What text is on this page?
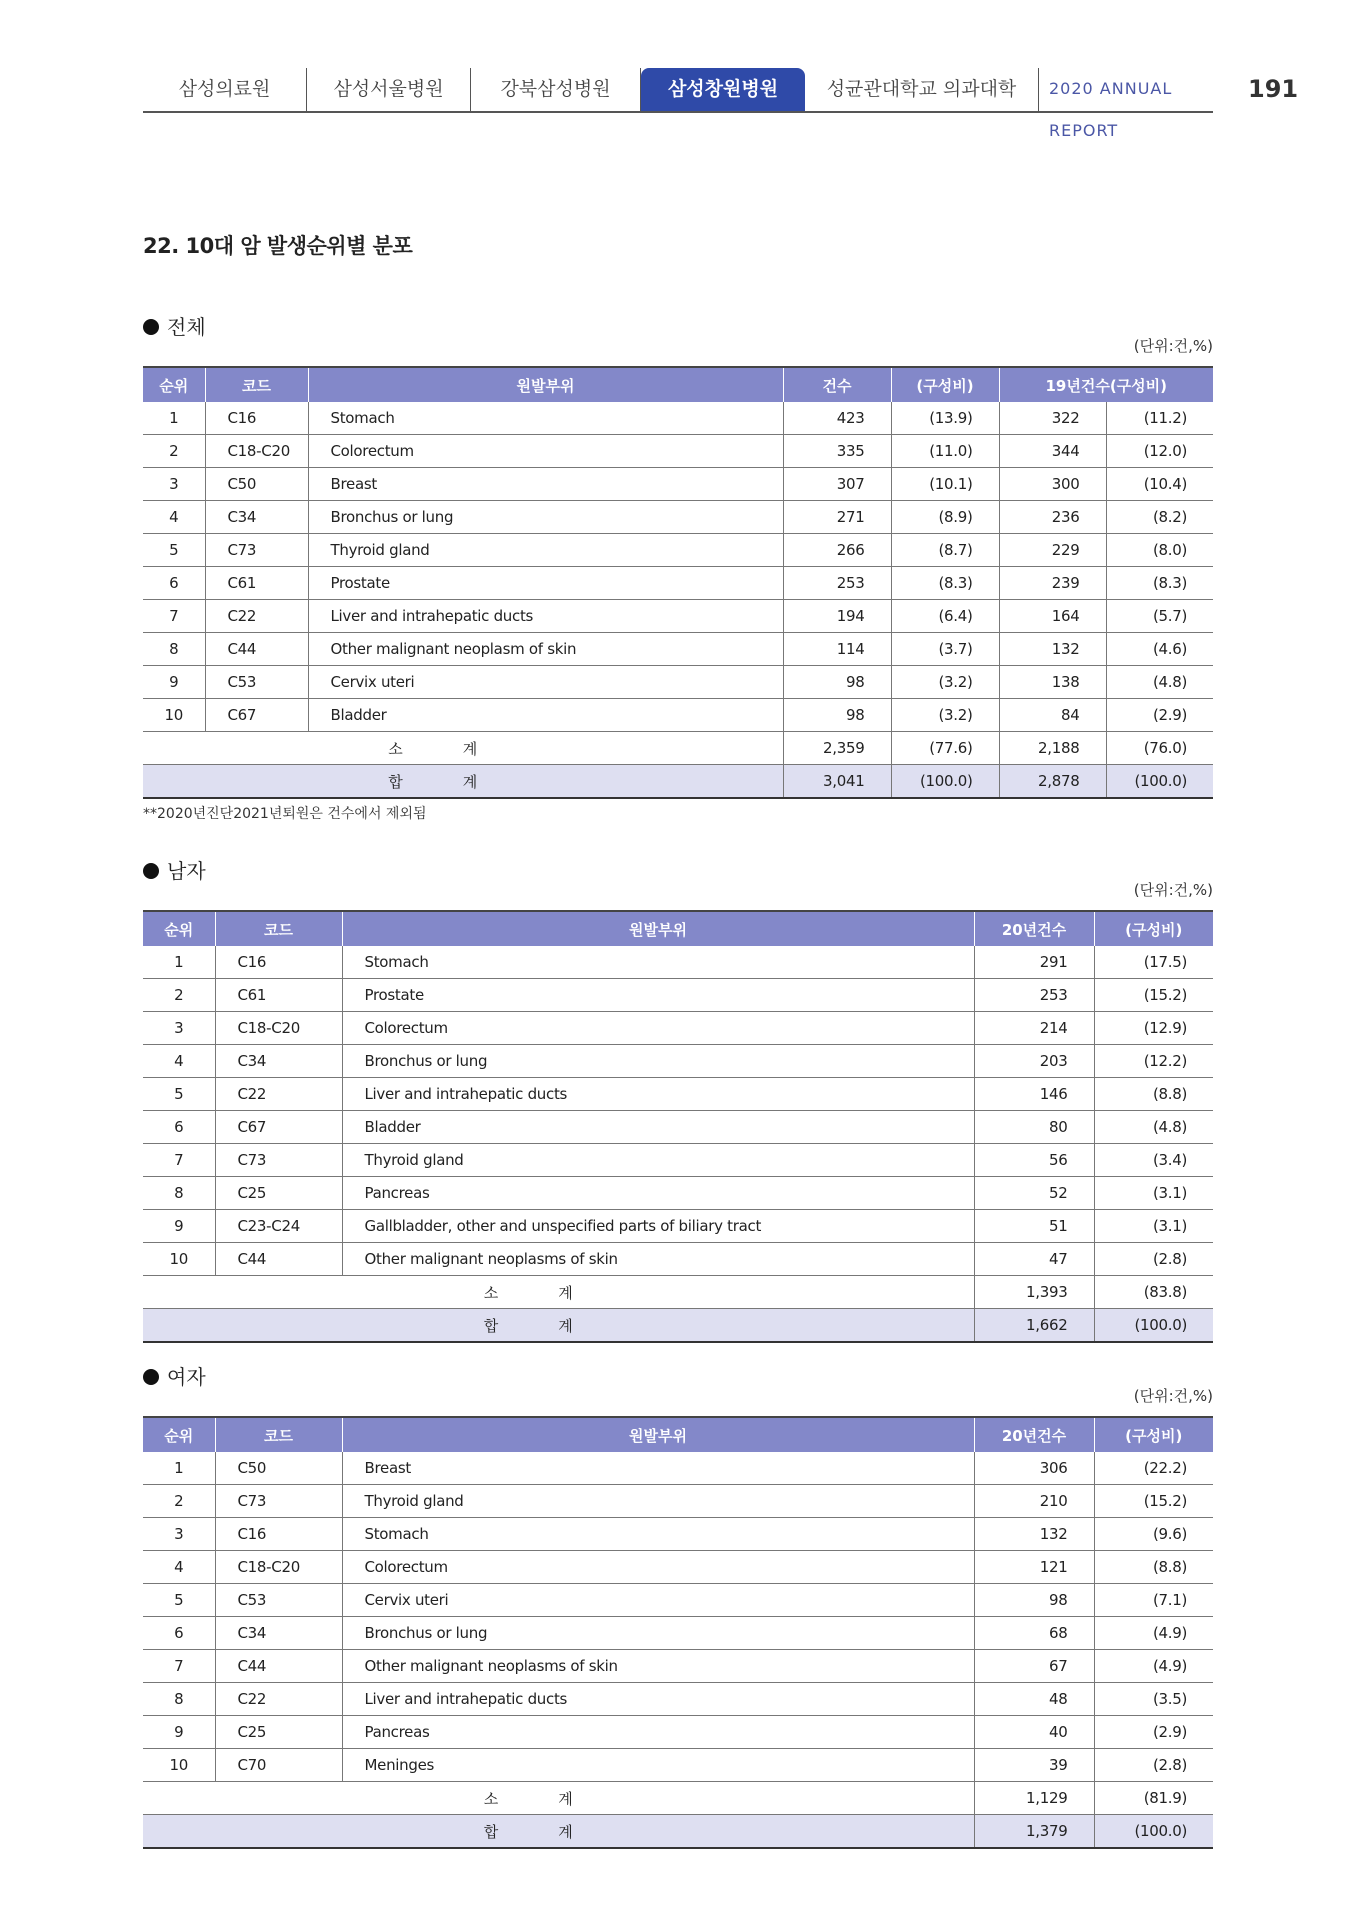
삼성의료원	삼성서울병원	강북삼성병원	삼성창원병원	성균관대학교 의과대학	2020 ANNUAL REPORT
191
22. 10대 암 발생순위별 분포
전체
(단위:건,%)
순위	코드	원발부위	건수	(구성비)	19년건수(구성비)	
1	C16	Stomach	423	(13.9)	322	(11.2)
2	C18-C20	Colorectum	335	(11.0)	344	(12.0)
3	C50	Breast	307	(10.1)	300	(10.4)
4	C34	Bronchus or lung	271	(8.9)	236	(8.2)
5	C73	Thyroid gland	266	(8.7)	229	(8.0)
6	C61	Prostate	253	(8.3)	239	(8.3)
7	C22	Liver and intrahepatic ducts	194	(6.4)	164	(5.7)
8	C44	Other malignant neoplasm of skin	114	(3.7)	132	(4.6)
9	C53	Cervix uteri	98	(3.2)	138	(4.8)
10	C67	Bladder	98	(3.2)	84	(2.9)
소계			2,359	(77.6)	2,188	(76.0)
합계			3,041	(100.0)	2,878	(100.0)
**2020년진단2021년퇴원은 건수에서 제외됨
남자
(단위:건,%)
순위	코드	원발부위	20년건수	(구성비)
1	C16	Stomach	291	(17.5)
2	C61	Prostate	253	(15.2)
3	C18-C20	Colorectum	214	(12.9)
4	C34	Bronchus or lung	203	(12.2)
5	C22	Liver and intrahepatic ducts	146	(8.8)
6	C67	Bladder	80	(4.8)
7	C73	Thyroid gland	56	(3.4)
8	C25	Pancreas	52	(3.1)
9	C23-C24	Gallbladder, other and unspecified parts of biliary tract	51	(3.1)
10	C44	Other malignant neoplasms of skin	47	(2.8)
소계			1,393	(83.8)
합계			1,662	(100.0)
여자
(단위:건,%)
순위	코드	원발부위	20년건수	(구성비)
1	C50	Breast	306	(22.2)
2	C73	Thyroid gland	210	(15.2)
3	C16	Stomach	132	(9.6)
4	C18-C20	Colorectum	121	(8.8)
5	C53	Cervix uteri	98	(7.1)
6	C34	Bronchus or lung	68	(4.9)
7	C44	Other malignant neoplasms of skin	67	(4.9)
8	C22	Liver and intrahepatic ducts	48	(3.5)
9	C25	Pancreas	40	(2.9)
10	C70	Meninges	39	(2.8)
소계			1,129	(81.9)
합계			1,379	(100.0)
